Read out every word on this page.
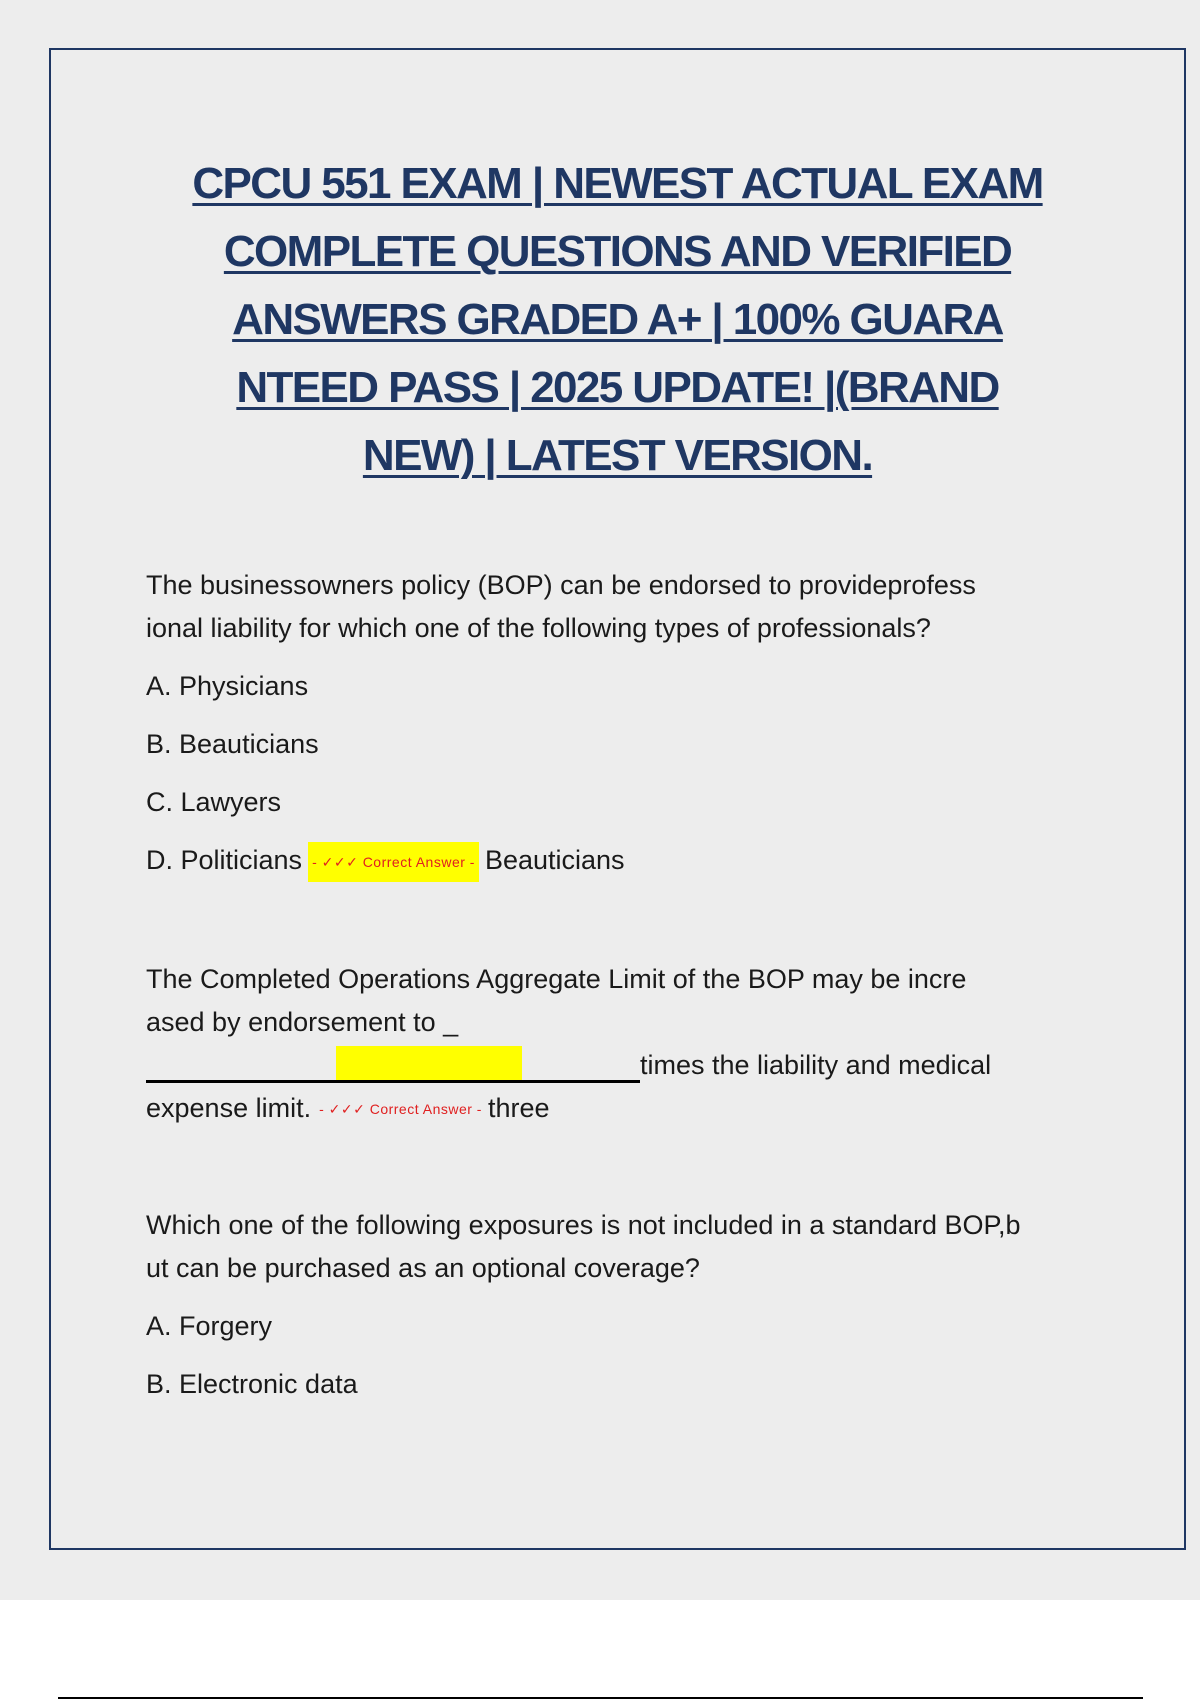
CPCU 551 EXAM | NEWEST ACTUAL EXAM
COMPLETE QUESTIONS AND VERIFIED
ANSWERS GRADED A+ | 100% GUARA
NTEED PASS | 2025 UPDATE! |(BRAND
NEW) | LATEST VERSION.
The businessowners policy (BOP) can be endorsed to provideprofess
ional liability for which one of the following types of professionals?
A. Physicians
B. Beauticians
C. Lawyers
D. Politicians - ✓✓✓ Correct Answer - Beauticians
The Completed Operations Aggregate Limit of the BOP may be incre
ased by endorsement to _
times the liability and medical
expense limit. - ✓✓✓ Correct Answer - three
Which one of the following exposures is not included in a standard BOP,b
ut can be purchased as an optional coverage?
A. Forgery
B. Electronic data
